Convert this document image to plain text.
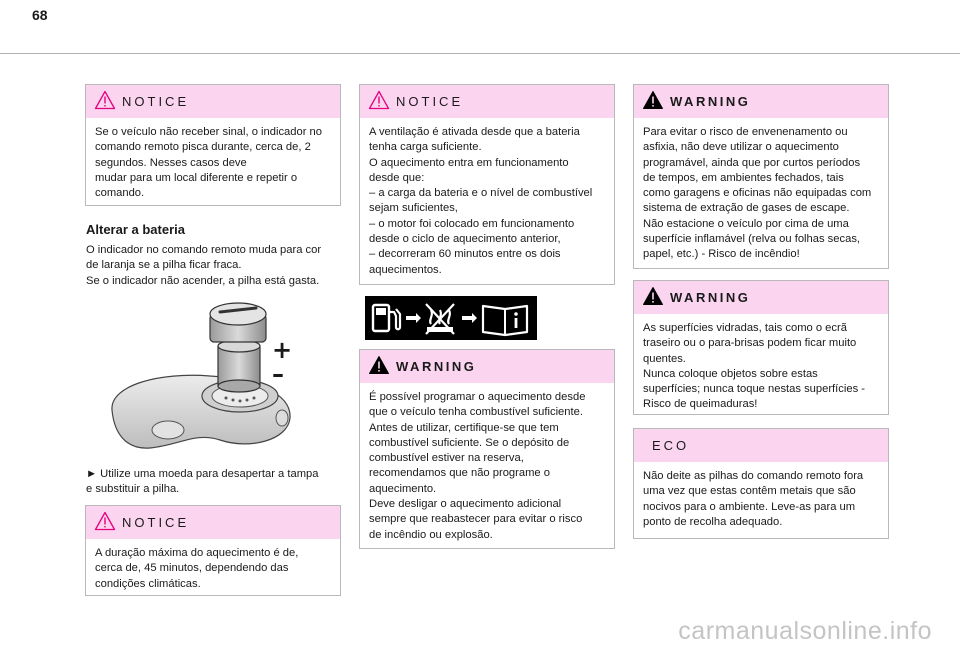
68
NOTICE

Se o veículo não receber sinal, o indicador no

comando remoto pisca durante, cerca de, 2

segundos. Nesses casos deve

mudar para um local diferente e repetir o

comando.

Alterar a bateria

O indicador no comando remoto muda para cor

de laranja se a pilha ficar fraca.

Se o indicador não acender, a pilha está gasta.

+
–

► Utilize uma moeda para desapertar a tampa

e substituir a pilha.

NOTICE

A duração máxima do aquecimento é de,

cerca de, 45 minutos, dependendo das

condições climáticas.

NOTICE

A ventilação é ativada desde que a bateria

tenha carga suficiente.

O aquecimento entra em funcionamento

desde que:

– a carga da bateria e o nível de combustível

sejam suficientes,

– o motor foi colocado em funcionamento

desde o ciclo de aquecimento anterior,

– decorreram 60 minutos entre os dois

aquecimentos.

WARNING

É possível programar o aquecimento desde

que o veículo tenha combustível suficiente.

Antes de utilizar, certifique-se que tem

combustível suficiente. Se o depósito de

combustível estiver na reserva,

recomendamos que não programe o

aquecimento.

Deve desligar o aquecimento adicional

sempre que reabastecer para evitar o risco

de incêndio ou explosão.

WARNING

Para evitar o risco de envenenamento ou

asfixia, não deve utilizar o aquecimento

programável, ainda que por curtos períodos

de tempos, em ambientes fechados, tais

como garagens e oficinas não equipadas com

sistema de extração de gases de escape.

Não estacione o veículo por cima de uma

superfície inflamável (relva ou folhas secas,

papel, etc.) - Risco de incêndio!

WARNING

As superfícies vidradas, tais como o ecrã

traseiro ou o para-brisas podem ficar muito

quentes.

Nunca coloque objetos sobre estas

superfícies; nunca toque nestas superfícies -

Risco de queimaduras!

ECO

Não deite as pilhas do comando remoto fora

uma vez que estas contêm metais que são

nocivos para o ambiente. Leve-as para um

ponto de recolha adequado.

carmanualsonline.info
